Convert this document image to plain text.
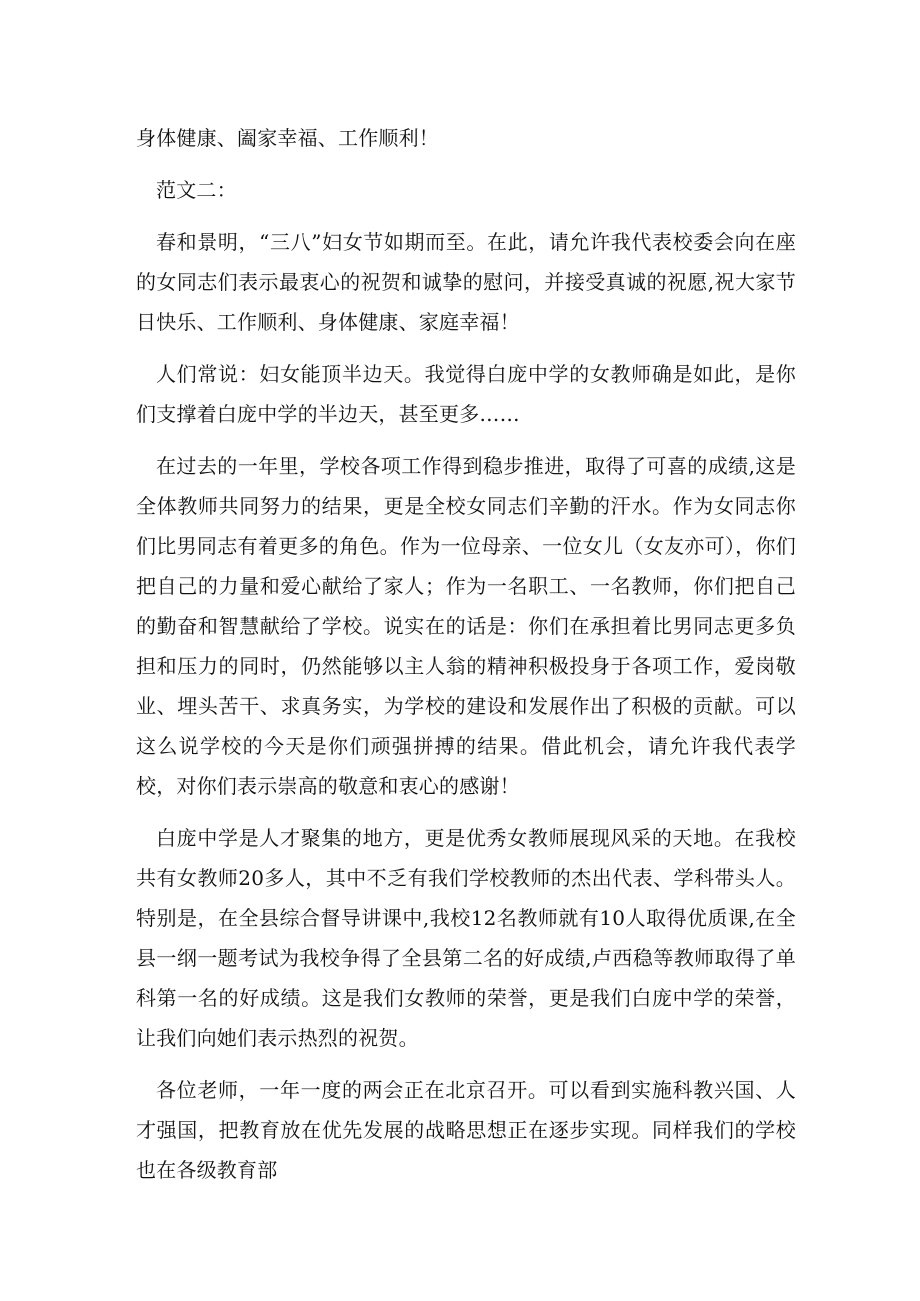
身体健康、阖家幸福、工作顺利！

范文二：

春和景明，“三八”妇女节如期而至。在此，请允许我代表校委会向在座的女同志们表示最衷心的祝贺和诚挚的慰问，并接受真诚的祝愿,祝大家节日快乐、工作顺利、身体健康、家庭幸福！

人们常说：妇女能顶半边天。我觉得白庞中学的女教师确是如此，是你们支撑着白庞中学的半边天，甚至更多……

在过去的一年里，学校各项工作得到稳步推进，取得了可喜的成绩,这是全体教师共同努力的结果，更是全校女同志们辛勤的汗水。作为女同志你们比男同志有着更多的角色。作为一位母亲、一位女儿（女友亦可），你们把自己的力量和爱心献给了家人；作为一名职工、一名教师，你们把自己的勤奋和智慧献给了学校。说实在的话是：你们在承担着比男同志更多负担和压力的同时，仍然能够以主人翁的精神积极投身于各项工作，爱岗敬业、埋头苦干、求真务实，为学校的建设和发展作出了积极的贡献。可以这么说学校的今天是你们顽强拼搏的结果。借此机会，请允许我代表学校，对你们表示崇高的敬意和衷心的感谢！

白庞中学是人才聚集的地方，更是优秀女教师展现风采的天地。在我校共有女教师20多人，其中不乏有我们学校教师的杰出代表、学科带头人。特别是，在全县综合督导讲课中,我校12名教师就有10人取得优质课,在全县一纲一题考试为我校争得了全县第二名的好成绩,卢西稳等教师取得了单科第一名的好成绩。这是我们女教师的荣誉，更是我们白庞中学的荣誉，让我们向她们表示热烈的祝贺。

各位老师，一年一度的两会正在北京召开。可以看到实施科教兴国、人才强国，把教育放在优先发展的战略思想正在逐步实现。同样我们的学校也在各级教育部
